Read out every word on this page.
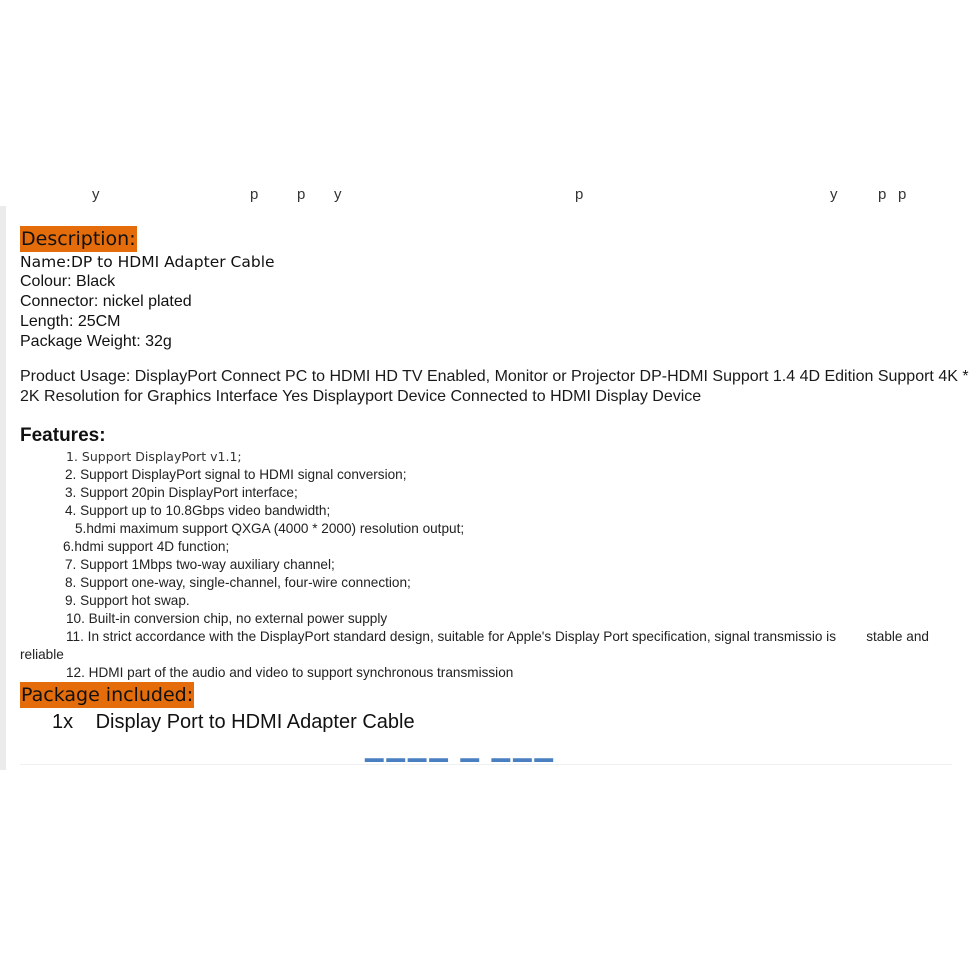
y	p	p y	p	y	p p
Description:
Name:DP to HDMI Adapter Cable
Colour: Black
Connector: nickel plated
Length: 25CM
Package Weight: 32g
Product Usage: DisplayPort Connect PC to HDMI HD TV Enabled, Monitor or Projector DP-HDMI Support 1.4 4D Edition Support 4K * 2K Resolution for Graphics Interface Yes Displayport Device Connected to HDMI Display Device
Features:
1. Support DisplayPort v1.1;
2. Support DisplayPort signal to HDMI signal conversion;
3. Support 20pin DisplayPort interface;
4. Support up to 10.8Gbps video bandwidth;
5.hdmi maximum support QXGA (4000 * 2000) resolution output;
6.hdmi support 4D function;
7. Support 1Mbps two-way auxiliary channel;
8. Support one-way, single-channel, four-wire connection;
9. Support hot swap.
10. Built-in conversion chip, no external power supply
11. In strict accordance with the DisplayPort standard design, suitable for Apple's Display Port specification, signal transmissio is        stable and reliable
12. HDMI part of the audio and video to support synchronous transmission
Package included:
1x Display Port to HDMI Adapter Cable
▔▔▔▔ ▔ ▔▔▔
